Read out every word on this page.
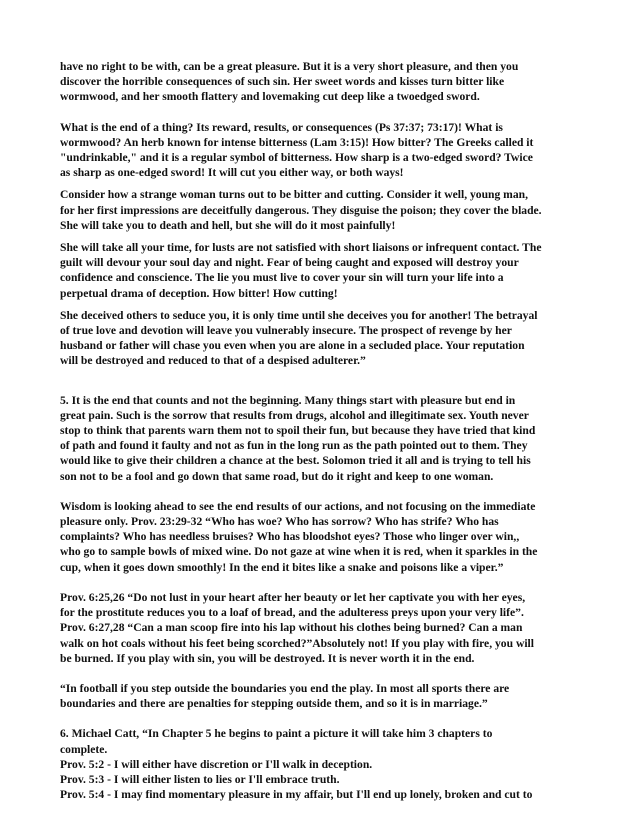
have no right to be with, can be a great pleasure. But it is a very short pleasure, and then you
discover the horrible consequences of such sin. Her sweet words and kisses turn bitter like
wormwood, and her smooth flattery and lovemaking cut deep like a twoedged sword.

What is the end of a thing? Its reward, results, or consequences (Ps 37:37; 73:17)! What is
wormwood? An herb known for intense bitterness (Lam 3:15)! How bitter? The Greeks called it
"undrinkable," and it is a regular symbol of bitterness. How sharp is a two-edged sword? Twice
as sharp as one-edged sword! It will cut you either way, or both ways!

Consider how a strange woman turns out to be bitter and cutting. Consider it well, young man,
for her first impressions are deceitfully dangerous. They disguise the poison; they cover the blade.
She will take you to death and hell, but she will do it most painfully!

She will take all your time, for lusts are not satisfied with short liaisons or infrequent contact. The
guilt will devour your soul day and night. Fear of being caught and exposed will destroy your
confidence and conscience. The lie you must live to cover your sin will turn your life into a
perpetual drama of deception. How bitter! How cutting!

She deceived others to seduce you, it is only time until she deceives you for another! The betrayal
of true love and devotion will leave you vulnerably insecure. The prospect of revenge by her
husband or father will chase you even when you are alone in a secluded place. Your reputation
will be destroyed and reduced to that of a despised adulterer.”

5. It is the end that counts and not the beginning. Many things start with pleasure but end in
great pain. Such is the sorrow that results from drugs, alcohol and illegitimate sex. Youth never
stop to think that parents warn them not to spoil their fun, but because they have tried that kind
of path and found it faulty and not as fun in the long run as the path pointed out to them. They
would like to give their children a chance at the best. Solomon tried it all and is trying to tell his
son not to be a fool and go down that same road, but do it right and keep to one woman.

Wisdom is looking ahead to see the end results of our actions, and not focusing on the immediate
pleasure only. Prov. 23:29-32 “Who has woe? Who has sorrow? Who has strife? Who has
complaints? Who has needless bruises? Who has bloodshot eyes? Those who linger over win,,
who go to sample bowls of mixed wine. Do not gaze at wine when it is red, when it sparkles in the
cup, when it goes down smoothly! In the end it bites like a snake and poisons like a viper.”

Prov. 6:25,26 “Do not lust in your heart after her beauty or let her captivate you with her eyes,
for the prostitute reduces you to a loaf of bread, and the adulteress preys upon your very life”.
Prov. 6:27,28 “Can a man scoop fire into his lap without his clothes being burned? Can a man
walk on hot coals without his feet being scorched?”Absolutely not! If you play with fire, you will
be burned. If you play with sin, you will be destroyed. It is never worth it in the end.

“In football if you step outside the boundaries you end the play. In most all sports there are
boundaries and there are penalties for stepping outside them, and so it is in marriage.”

6. Michael Catt, “In Chapter 5 he begins to paint a picture it will take him 3 chapters to
complete.
Prov. 5:2 - I will either have discretion or I'll walk in deception.
Prov. 5:3 - I will either listen to lies or I'll embrace truth.
Prov. 5:4 - I may find momentary pleasure in my affair, but I'll end up lonely, broken and cut to
